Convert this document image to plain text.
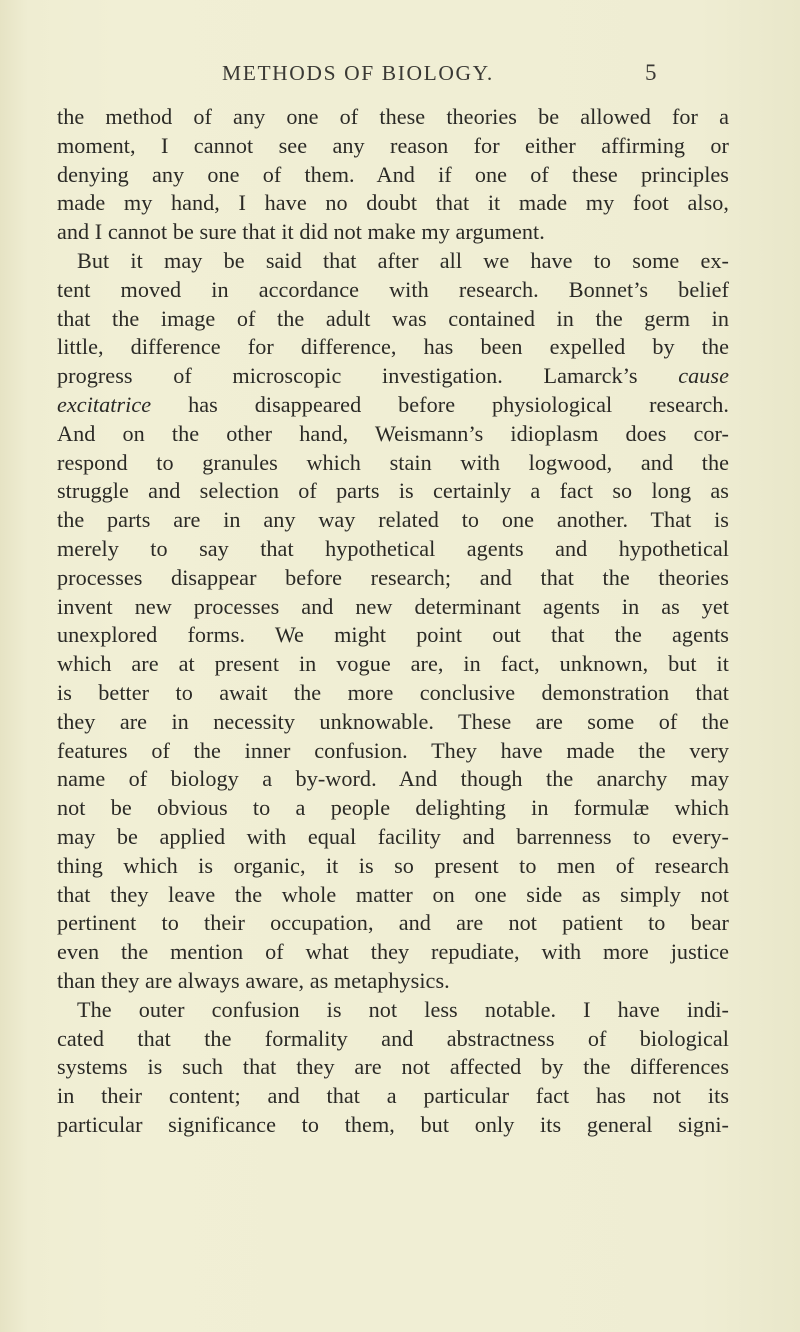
METHODS OF BIOLOGY.	5
the method of any one of these theories be allowed for a
moment, I cannot see any reason for either affirming or
denying any one of them. And if one of these principles
made my hand, I have no doubt that it made my foot also,
and I cannot be sure that it did not make my argument.
But it may be said that after all we have to some ex-
tent moved in accordance with research. Bonnet’s belief
that the image of the adult was contained in the germ in
little, difference for difference, has been expelled by the
progress of microscopic investigation. Lamarck’s cause
excitatrice has disappeared before physiological research.
And on the other hand, Weismann’s idioplasm does cor-
respond to granules which stain with logwood, and the
struggle and selection of parts is certainly a fact so long as
the parts are in any way related to one another. That is
merely to say that hypothetical agents and hypothetical
processes disappear before research; and that the theories
invent new processes and new determinant agents in as yet
unexplored forms. We might point out that the agents
which are at present in vogue are, in fact, unknown, but it
is better to await the more conclusive demonstration that
they are in necessity unknowable. These are some of the
features of the inner confusion. They have made the very
name of biology a by-word. And though the anarchy may
not be obvious to a people delighting in formulæ which
may be applied with equal facility and barrenness to every-
thing which is organic, it is so present to men of research
that they leave the whole matter on one side as simply not
pertinent to their occupation, and are not patient to bear
even the mention of what they repudiate, with more justice
than they are always aware, as metaphysics.
The outer confusion is not less notable. I have indi-
cated that the formality and abstractness of biological
systems is such that they are not affected by the differences
in their content; and that a particular fact has not its
particular significance to them, but only its general signi-
